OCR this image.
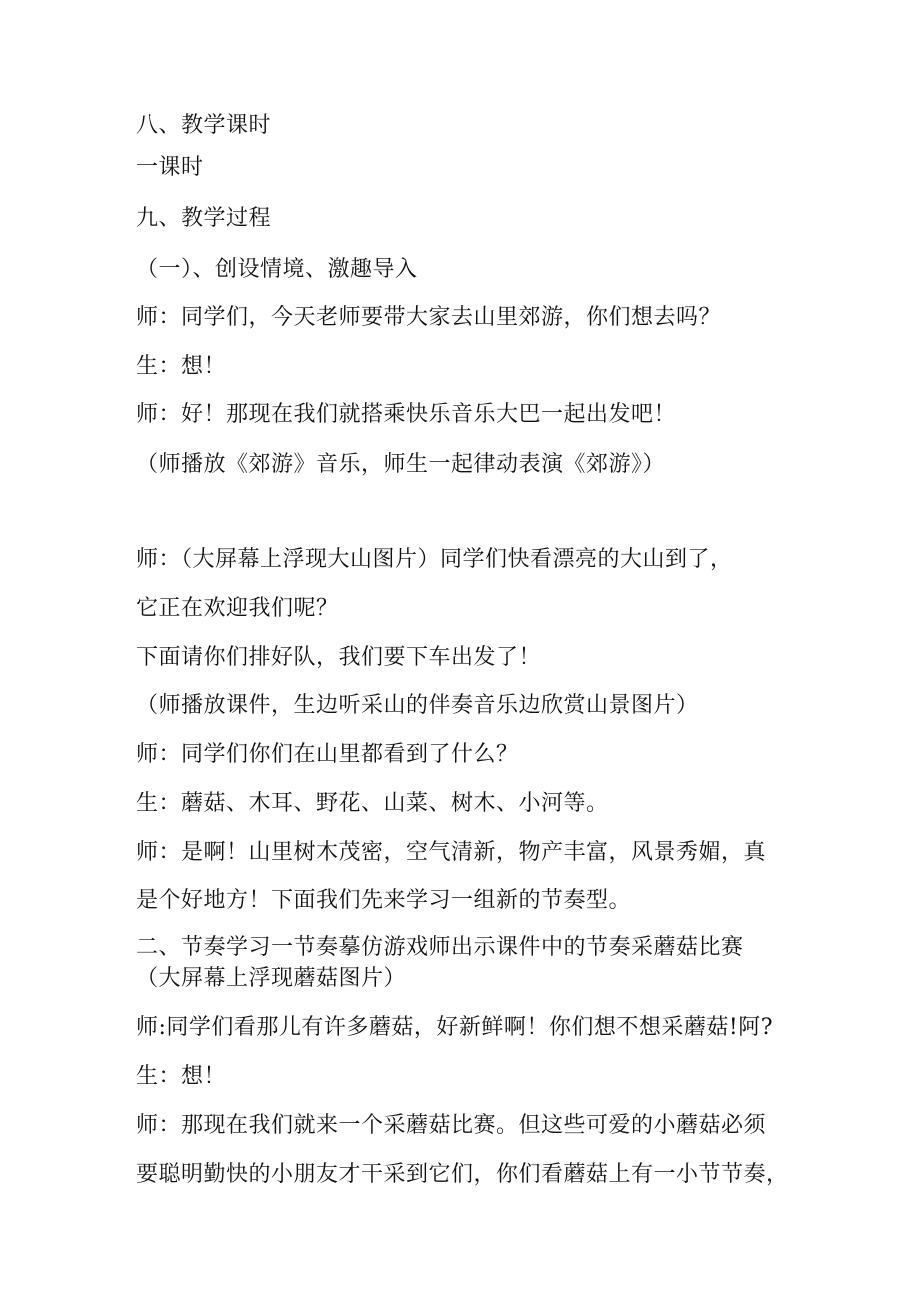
八、教学课时
一课时
九、教学过程
（一）、创设情境、激趣导入
师：同学们，今天老师要带大家去山里郊游，你们想去吗？
生：想！
师：好！那现在我们就搭乘快乐音乐大巴一起出发吧！
（师播放《郊游》音乐，师生一起律动表演《郊游》）
师：（大屏幕上浮现大山图片）同学们快看漂亮的大山到了，
它正在欢迎我们呢？
下面请你们排好队，我们要下车出发了！
（师播放课件，生边听采山的伴奏音乐边欣赏山景图片）
师：同学们你们在山里都看到了什么？
生：蘑菇、木耳、野花、山菜、树木、小河等。
师：是啊！山里树木茂密，空气清新，物产丰富，风景秀媚，真
是个好地方！下面我们先来学习一组新的节奏型。
二、节奏学习一节奏摹仿游戏师出示课件中的节奏采蘑菇比赛
（大屏幕上浮现蘑菇图片）
师:同学们看那儿有许多蘑菇，好新鲜啊！你们想不想采蘑菇!阿?
生：想！
师：那现在我们就来一个采蘑菇比赛。但这些可爱的小蘑菇必须
要聪明勤快的小朋友才干采到它们，你们看蘑菇上有一小节节奏，
